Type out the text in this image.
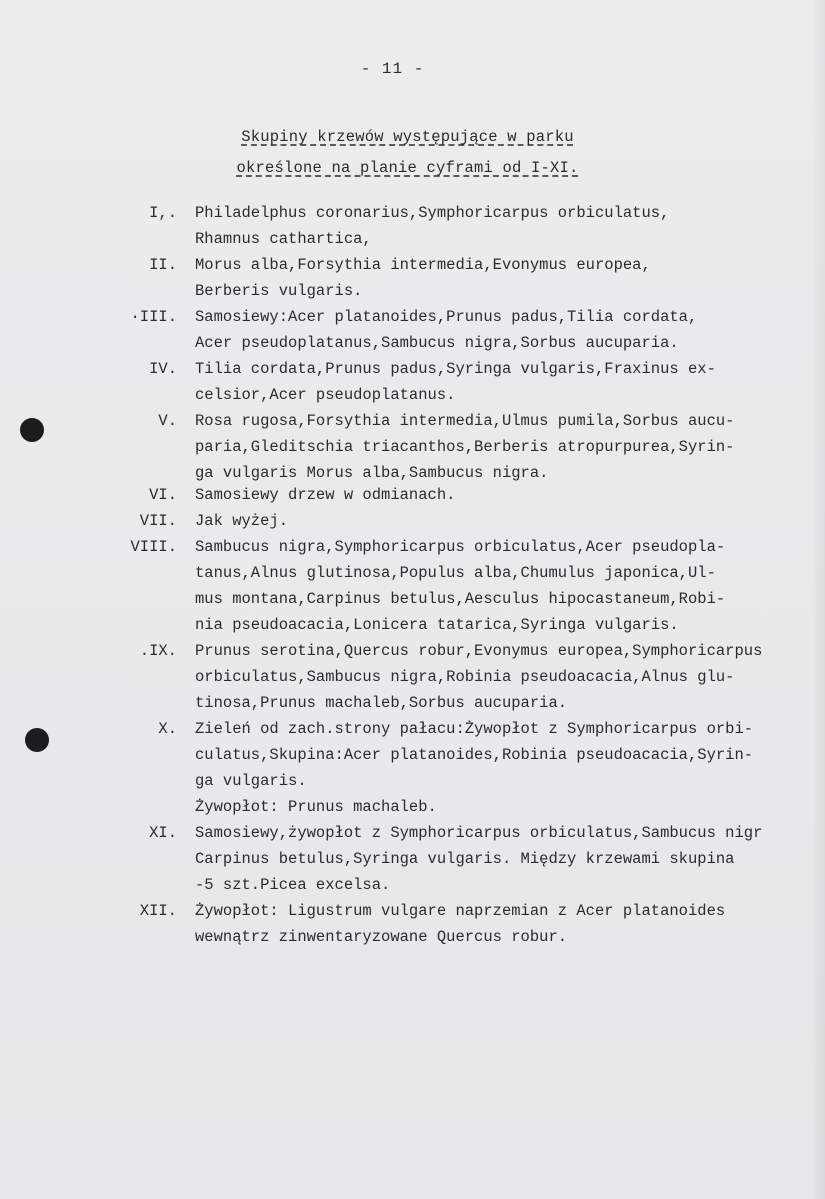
- 11 -
Skupiny krzewów występujące w parku
określone na planie cyframi od I-XI.
I,. Philadelphus coronarius,Symphoricarpus orbiculatus,
Rhamnus cathartica,
II. Morus alba,Forsythia intermedia,Evonymus europea,
Berberis vulgaris.
·III. Samosiewy:Acer platanoides,Prunus padus,Tilia cordata,
Acer pseudoplatanus,Sambucus nigra,Sorbus aucuparia.
IV. Tilia cordata,Prunus padus,Syringa vulgaris,Fraxinus ex-
celsior,Acer pseudoplatanus.
V. Rosa rugosa,Forsythia intermedia,Ulmus pumila,Sorbus aucu-
paria,Gleditschia triacanthos,Berberis atropurpurea,Syrin-
ga vulgaris Morus alba,Sambucus nigra.
VI. Samosiewy drzew w odmianach.
VII. Jak wyżej.
VIII. Sambucus nigra,Symphoricarpus orbiculatus,Acer pseudopla-
tanus,Alnus glutinosa,Populus alba,Chumulus japonica,Ul-
mus montana,Carpinus betulus,Aesculus hipocastaneum,Robi-
nia pseudoacacia,Lonicera tatarica,Syringa vulgaris.
.IX. Prunus serotina,Quercus robur,Evonymus europea,Symphoricarpus
orbiculatus,Sambucus nigra,Robinia pseudoacacia,Alnus glu-
tinosa,Prunus machaleb,Sorbus aucuparia.
X. Zieleń od zach.strony pałacu:Żywopłot z Symphoricarpus orbi-
culatus,Skupina:Acer platanoides,Robinia pseudoacacia,Syrin-
ga vulgaris.
Żywopłot: Prunus machaleb.
XI. Samosiewy,żywopłot z Symphoricarpus orbiculatus,Sambucus nigr
Carpinus betulus,Syringa vulgaris. Między krzewami skupina
-5 szt.Picea excelsa.
XII. Żywopłot: Ligustrum vulgare naprzemian z Acer platanoides
wewnątrz zinwentaryzowane Quercus robur.
